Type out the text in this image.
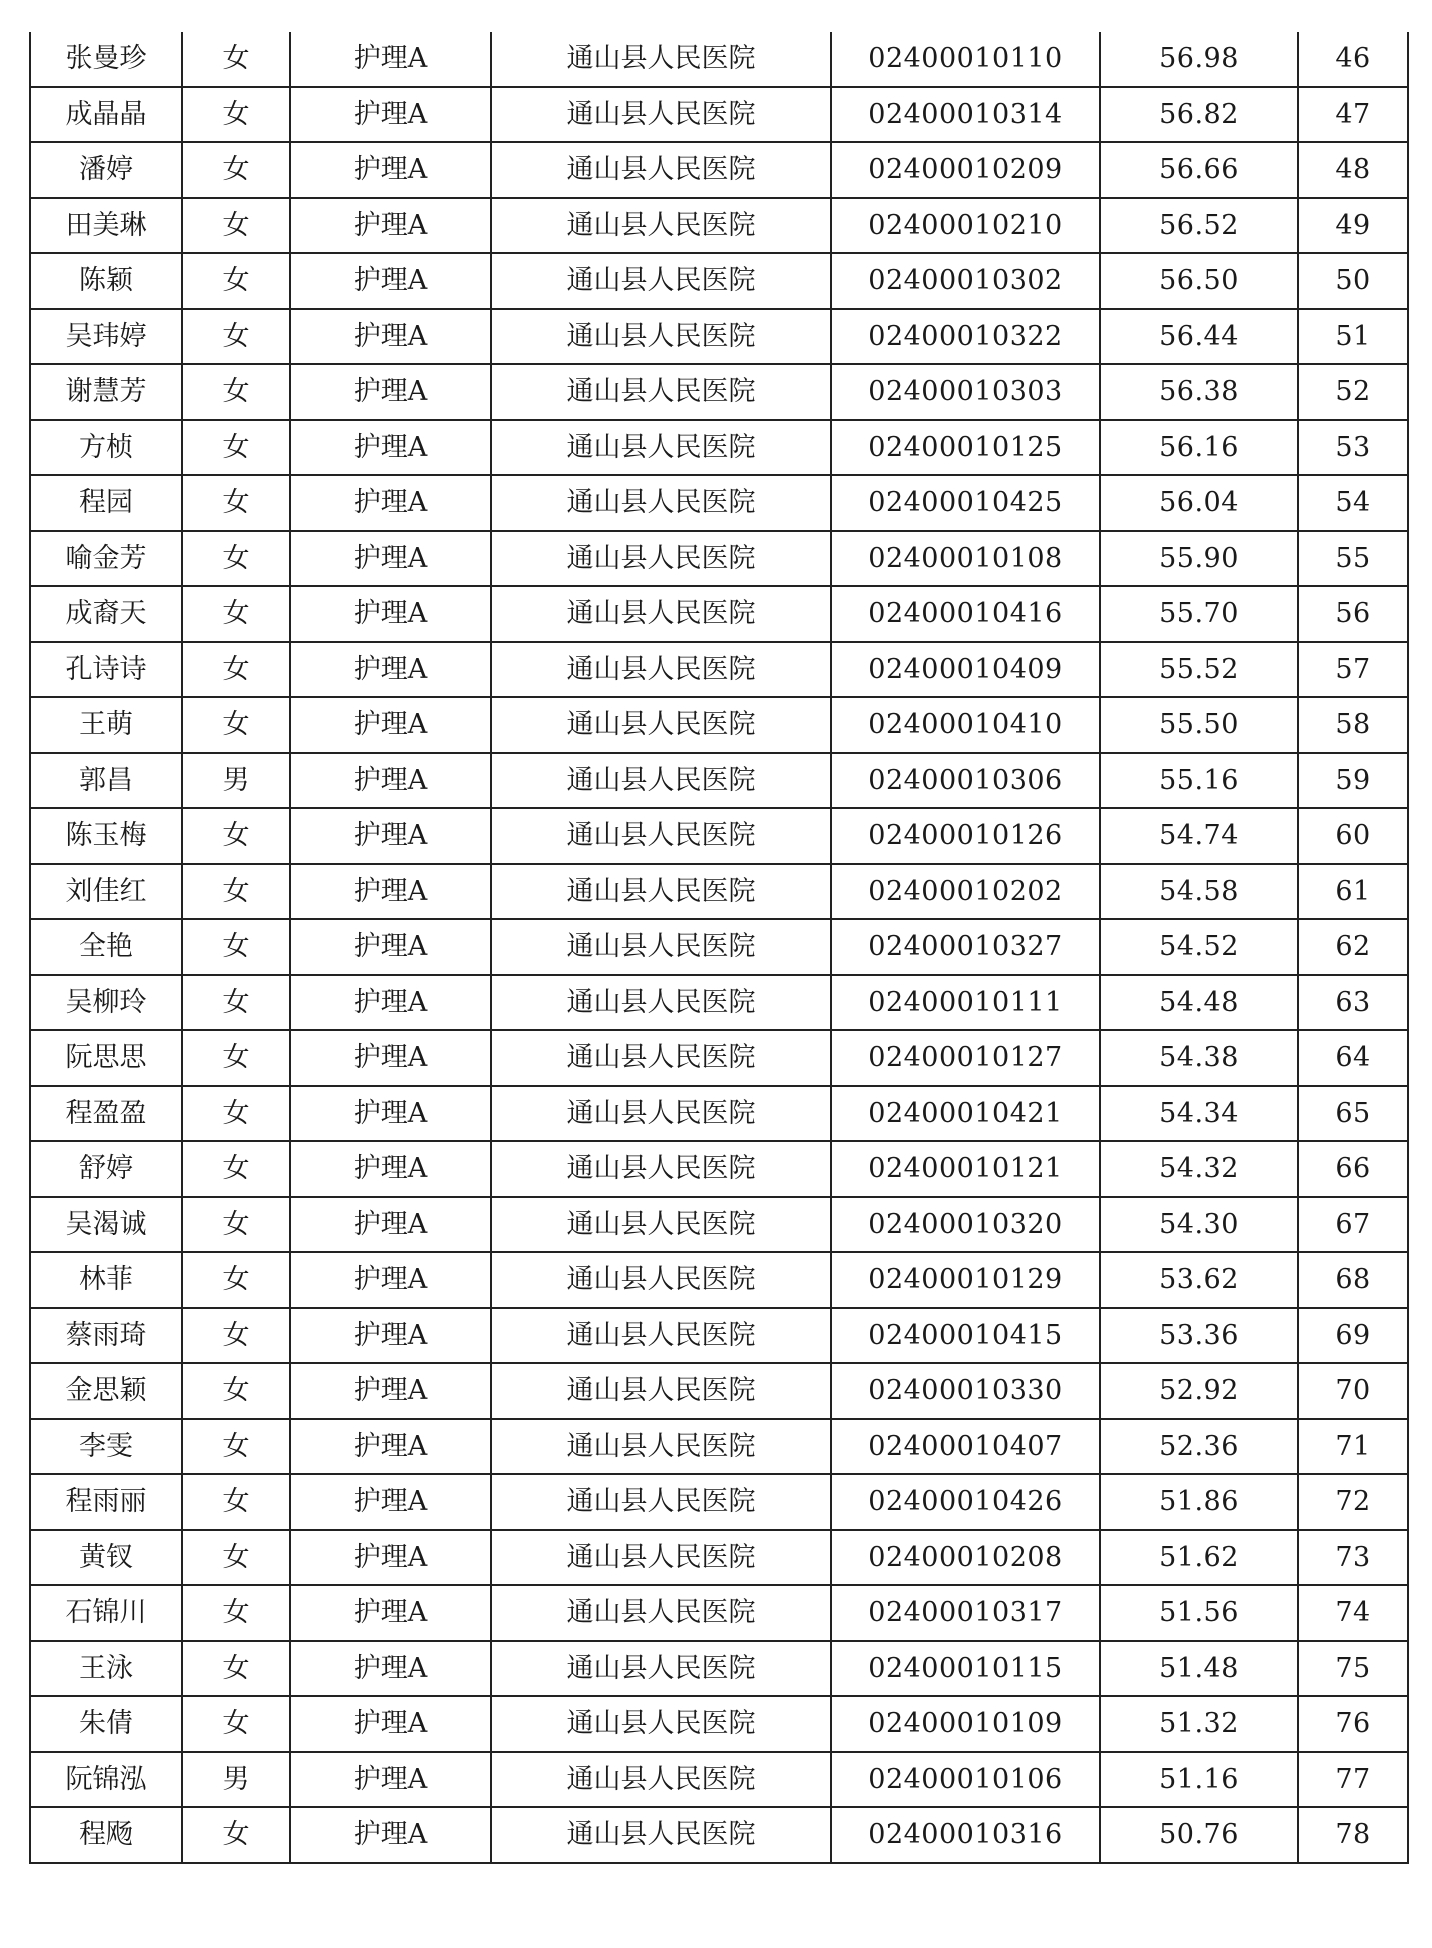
张曼珍	女	护理A	通山县人民医院	02400010110	56.98	46
成晶晶	女	护理A	通山县人民医院	02400010314	56.82	47
潘婷	女	护理A	通山县人民医院	02400010209	56.66	48
田美琳	女	护理A	通山县人民医院	02400010210	56.52	49
陈颖	女	护理A	通山县人民医院	02400010302	56.50	50
吴玮婷	女	护理A	通山县人民医院	02400010322	56.44	51
谢慧芳	女	护理A	通山县人民医院	02400010303	56.38	52
方桢	女	护理A	通山县人民医院	02400010125	56.16	53
程园	女	护理A	通山县人民医院	02400010425	56.04	54
喻金芳	女	护理A	通山县人民医院	02400010108	55.90	55
成裔天	女	护理A	通山县人民医院	02400010416	55.70	56
孔诗诗	女	护理A	通山县人民医院	02400010409	55.52	57
王萌	女	护理A	通山县人民医院	02400010410	55.50	58
郭昌	男	护理A	通山县人民医院	02400010306	55.16	59
陈玉梅	女	护理A	通山县人民医院	02400010126	54.74	60
刘佳红	女	护理A	通山县人民医院	02400010202	54.58	61
全艳	女	护理A	通山县人民医院	02400010327	54.52	62
吴柳玲	女	护理A	通山县人民医院	02400010111	54.48	63
阮思思	女	护理A	通山县人民医院	02400010127	54.38	64
程盈盈	女	护理A	通山县人民医院	02400010421	54.34	65
舒婷	女	护理A	通山县人民医院	02400010121	54.32	66
吴渴诚	女	护理A	通山县人民医院	02400010320	54.30	67
林菲	女	护理A	通山县人民医院	02400010129	53.62	68
蔡雨琦	女	护理A	通山县人民医院	02400010415	53.36	69
金思颖	女	护理A	通山县人民医院	02400010330	52.92	70
李雯	女	护理A	通山县人民医院	02400010407	52.36	71
程雨丽	女	护理A	通山县人民医院	02400010426	51.86	72
黄钗	女	护理A	通山县人民医院	02400010208	51.62	73
石锦川	女	护理A	通山县人民医院	02400010317	51.56	74
王泳	女	护理A	通山县人民医院	02400010115	51.48	75
朱倩	女	护理A	通山县人民医院	02400010109	51.32	76
阮锦泓	男	护理A	通山县人民医院	02400010106	51.16	77
程飏	女	护理A	通山县人民医院	02400010316	50.76	78
